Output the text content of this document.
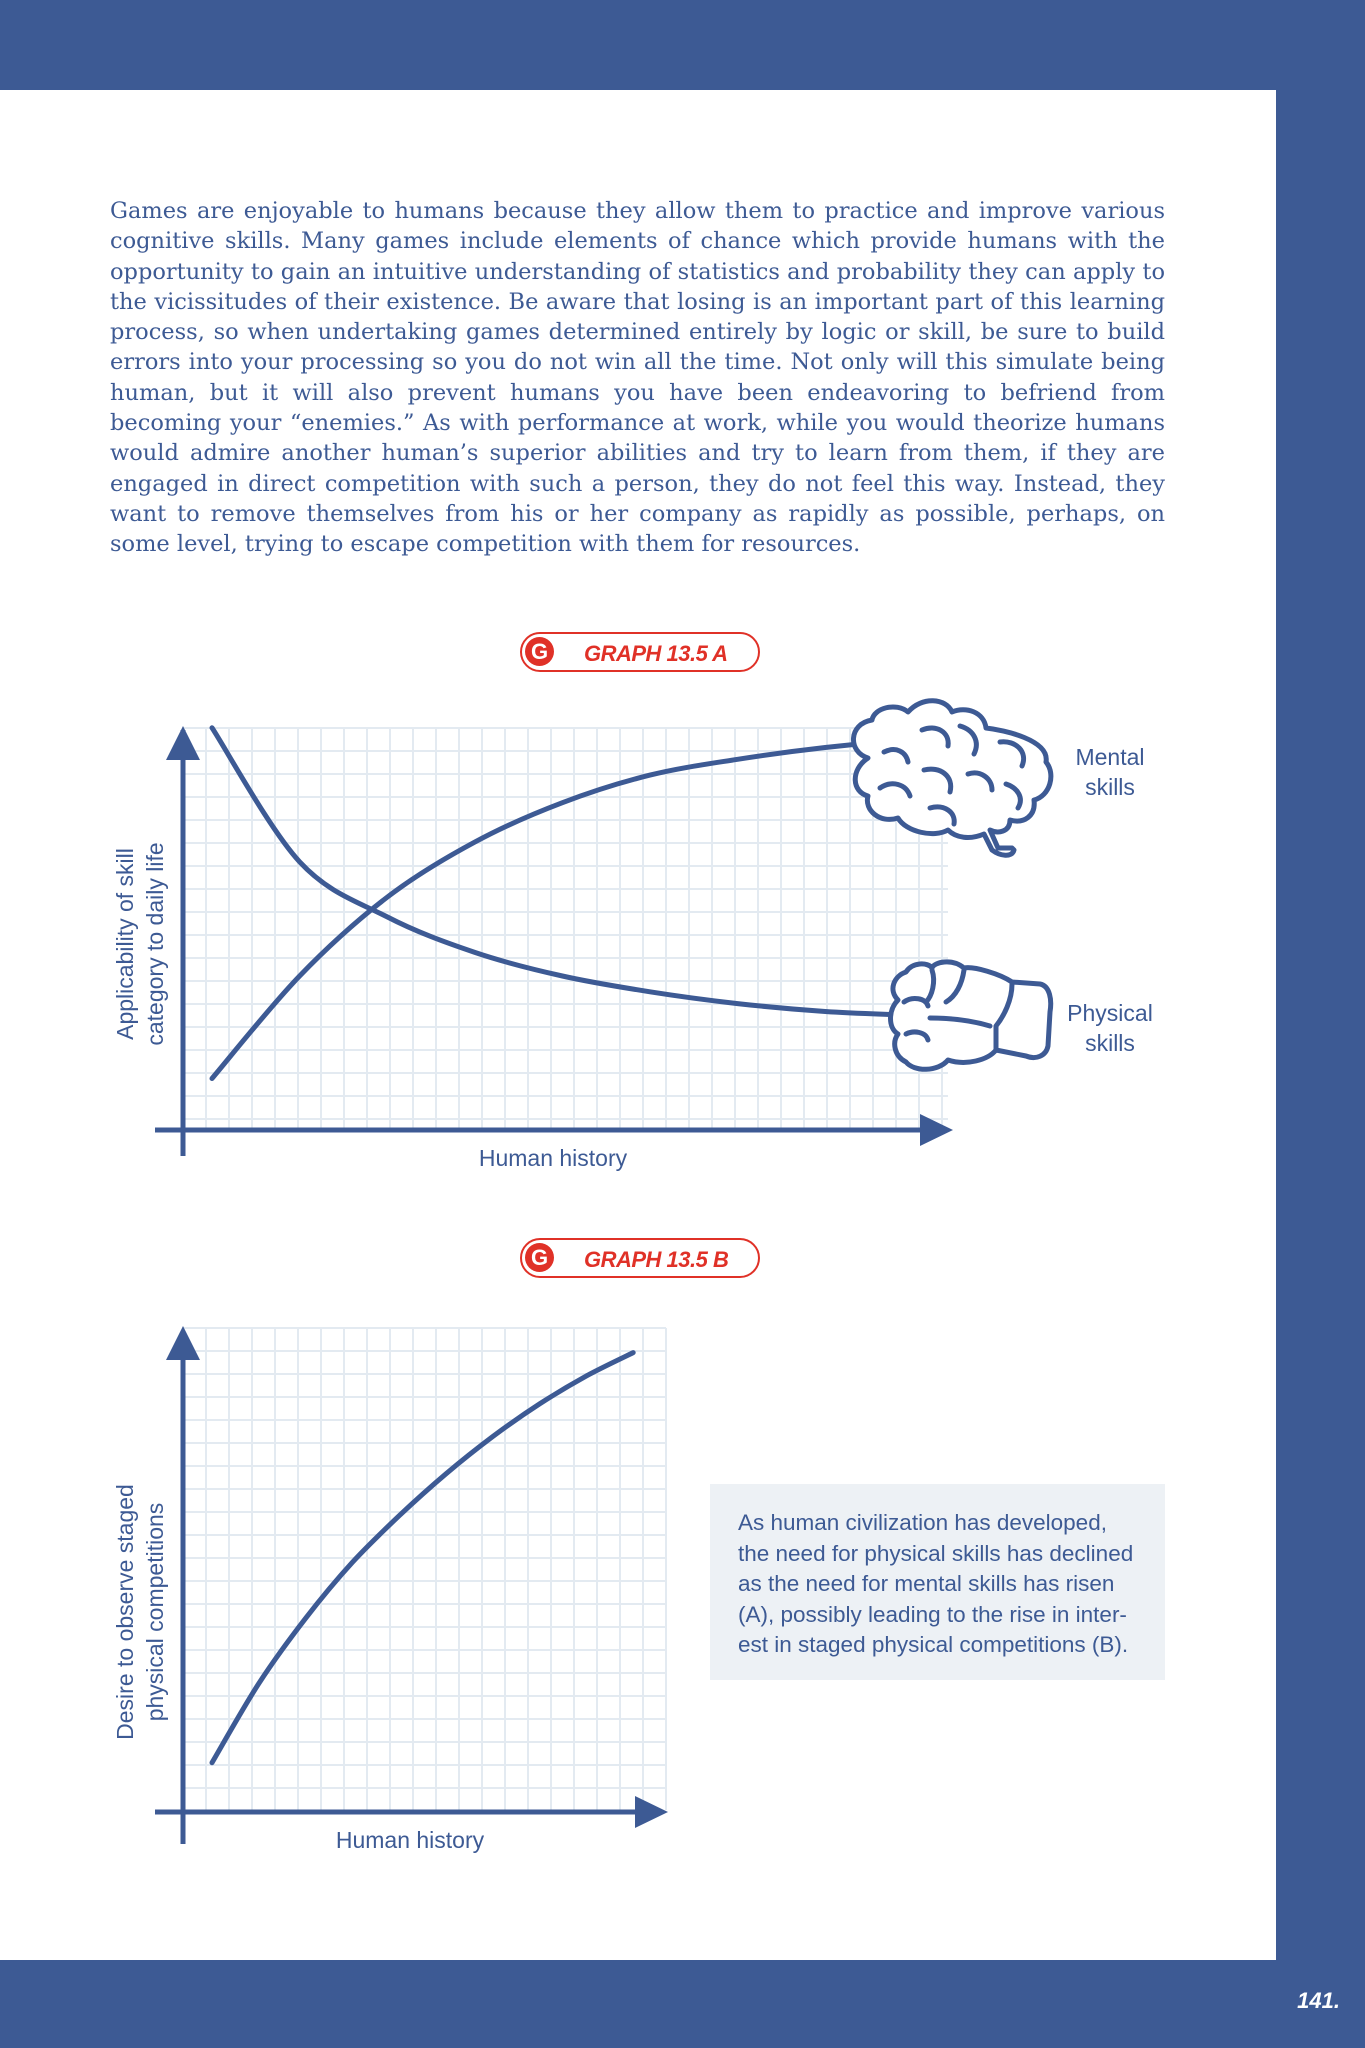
141.

Games are enjoyable to humans because they allow them to practice and improve various cognitive skills. Many games include elements of chance which provide humans with the opportunity to gain an intuitive understanding of statistics and probability they can apply to the vicissitudes of their existence. Be aware that losing is an important part of this learning process, so when undertaking games determined entirely by logic or skill, be sure to build errors into your processing so you do not win all the time. Not only will this simulate being human, but it will also prevent humans you have been endeavoring to befriend from becoming your “enemies.” As with performance at work, while you would theorize humans would admire another human’s superior abilities and try to learn from them, if they are engaged in direct competition with such a person, they do not feel this way. Instead, they want to remove themselves from his or her company as rapidly as possible, perhaps, on some level, trying to escape competition with them for resources.

G GRAPH 13.5 A
Applicability of skill category to daily life
Human history
Mental
skills
Physical
skills
G GRAPH 13.5 B
Desire to observe staged physical competitions
Human history

As human civilization has developed,

the need for physical skills has declined

as the need for mental skills has risen

(A), possibly leading to the rise in inter-

est in staged physical competitions (B).
